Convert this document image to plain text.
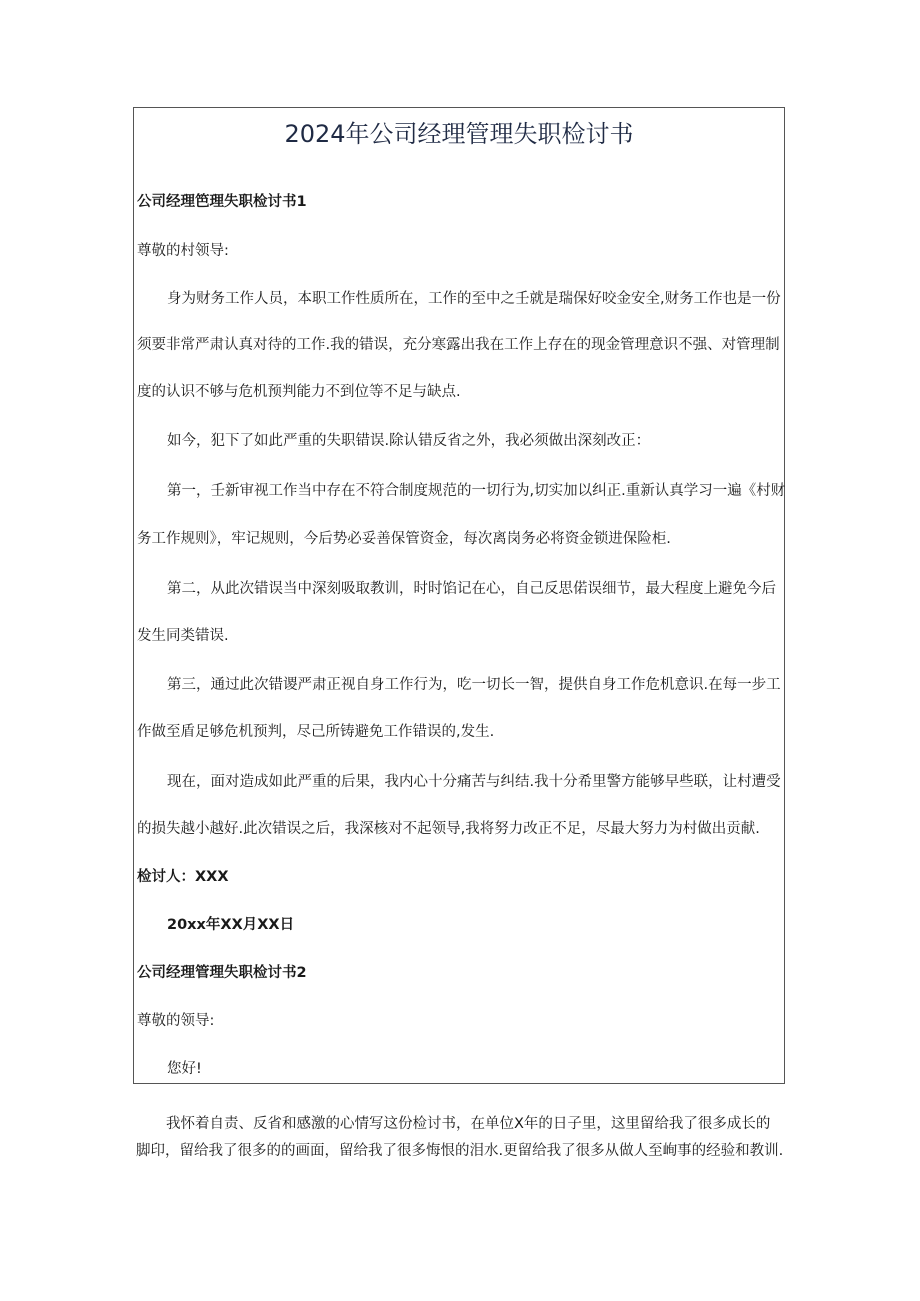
2024年公司经理管理失职检讨书

公司经理笆理失职检讨书1

尊敬的村领导:

身为财务工作人员，本职工作性质所在，工作的至中之壬就是瑞保好咬金安全,财务工作也是一份

须要非常严肃认真对待的工作.我的错误，充分寒露出我在工作上存在的现金管理意识不强、对管理制

度的认识不够与危机预判能力不到位等不足与缺点.

如今，犯下了如此严重的失职错误.除认错反省之外，我必须做出深刻改正：

第一，壬新审视工作当中存在不符合制度规范的一切行为,切实加以纠正.重新认真学习一遍《村财

务工作规则》，牢记规则，今后势必妥善保管资金，每次离岗务必将资金锁进保险柜.

第二，从此次错误当中深刻吸取教训，时时馅记在心，自己反思偌误细节，最大程度上避免今后

发生同类错误.

第三，通过此次错谡严肃正视自身工作行为，吃一切长一智，提供自身工作危机意识.在每一步工

作做至盾足够危机预判，尽己所铸避免工作错误的,发生.

现在，面对造成如此严重的后果，我内心十分痛苦与纠结.我十分希里警方能够早些联，让村遭受

的损失越小越好.此次错误之后，我深核对不起领导,我将努力改正不足，尽最大努力为村做出贡献.

检讨人：XXX

20xx年XX月XX日

公司经理管理失职检讨书2

尊敬的领导:

您好!

我怀着自责、反省和感激的心情写这份检讨书，在单位X年的日子里，这里留给我了很多成长的

脚印，留给我了很多的的画面，留给我了很多悔恨的泪水.更留给我了很多从做人至峋事的经验和教训.
